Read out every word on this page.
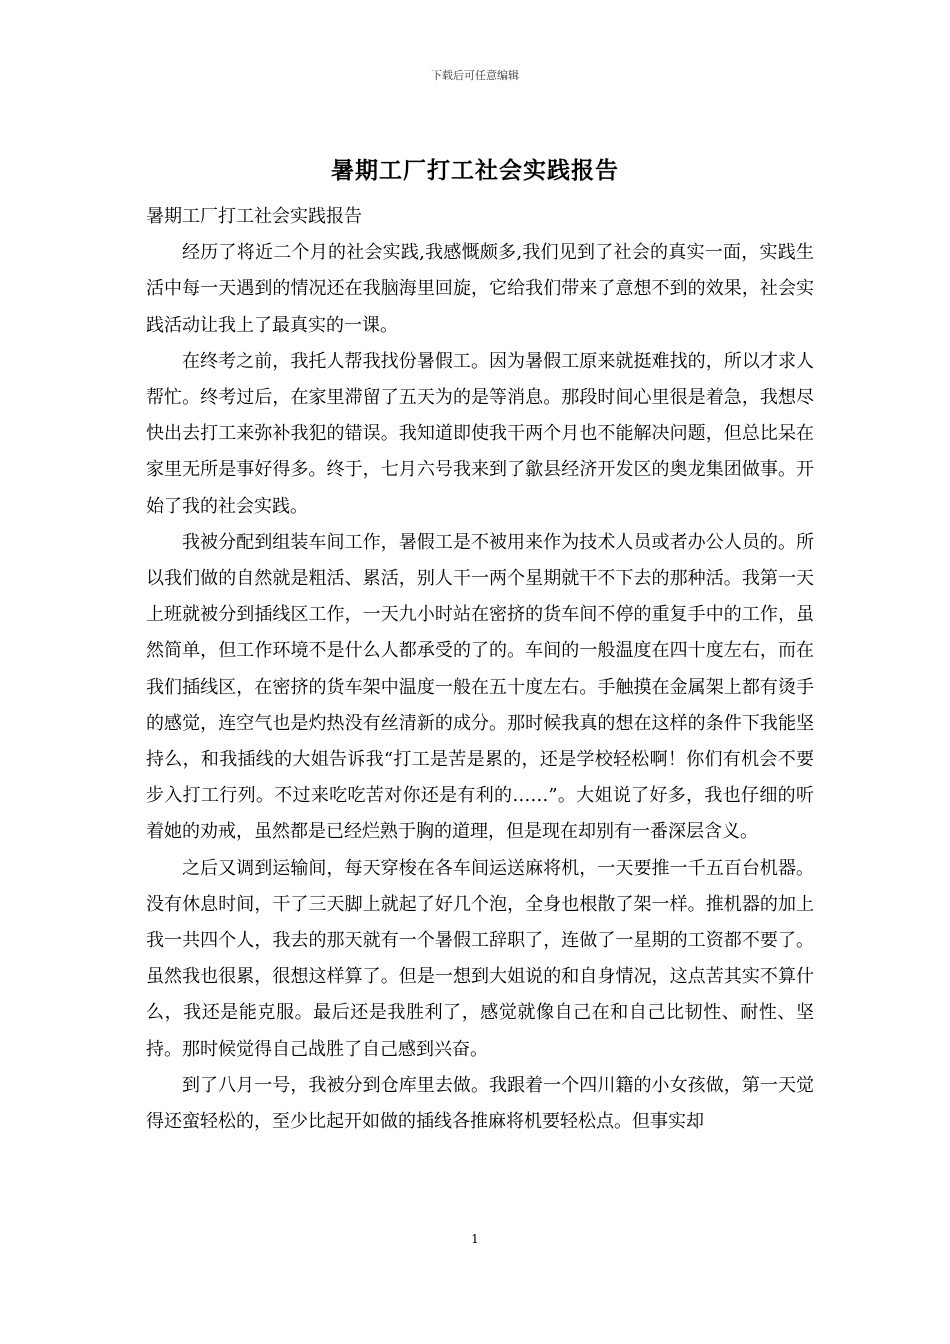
下载后可任意编辑
暑期工厂打工社会实践报告

暑期工厂打工社会实践报告

经历了将近二个月的社会实践,我感慨颇多,我们见到了社会的真实一面，实践生活中每一天遇到的情况还在我脑海里回旋，它给我们带来了意想不到的效果，社会实践活动让我上了最真实的一课。

在终考之前，我托人帮我找份暑假工。因为暑假工原来就挺难找的，所以才求人帮忙。终考过后，在家里滞留了五天为的是等消息。那段时间心里很是着急，我想尽快出去打工来弥补我犯的错误。我知道即使我干两个月也不能解决问题，但总比呆在家里无所是事好得多。终于，七月六号我来到了歙县经济开发区的奥龙集团做事。开始了我的社会实践。

我被分配到组装车间工作，暑假工是不被用来作为技术人员或者办公人员的。所以我们做的自然就是粗活、累活，别人干一两个星期就干不下去的那种活。我第一天上班就被分到插线区工作，一天九小时站在密挤的货车间不停的重复手中的工作，虽然简单，但工作环境不是什么人都承受的了的。车间的一般温度在四十度左右，而在我们插线区，在密挤的货车架中温度一般在五十度左右。手触摸在金属架上都有烫手的感觉，连空气也是灼热没有丝清新的成分。那时候我真的想在这样的条件下我能坚持么，和我插线的大姐告诉我“打工是苦是累的，还是学校轻松啊！你们有机会不要步入打工行列。不过来吃吃苦对你还是有利的……”。大姐说了好多，我也仔细的听着她的劝戒，虽然都是已经烂熟于胸的道理，但是现在却别有一番深层含义。

之后又调到运输间，每天穿梭在各车间运送麻将机，一天要推一千五百台机器。没有休息时间，干了三天脚上就起了好几个泡，全身也根散了架一样。推机器的加上我一共四个人，我去的那天就有一个暑假工辞职了，连做了一星期的工资都不要了。虽然我也很累，很想这样算了。但是一想到大姐说的和自身情况，这点苦其实不算什么，我还是能克服。最后还是我胜利了，感觉就像自己在和自己比韧性、耐性、坚持。那时候觉得自己战胜了自己感到兴奋。

到了八月一号，我被分到仓库里去做。我跟着一个四川籍的小女孩做，第一天觉得还蛮轻松的，至少比起开如做的插线各推麻将机要轻松点。但事实却

1
